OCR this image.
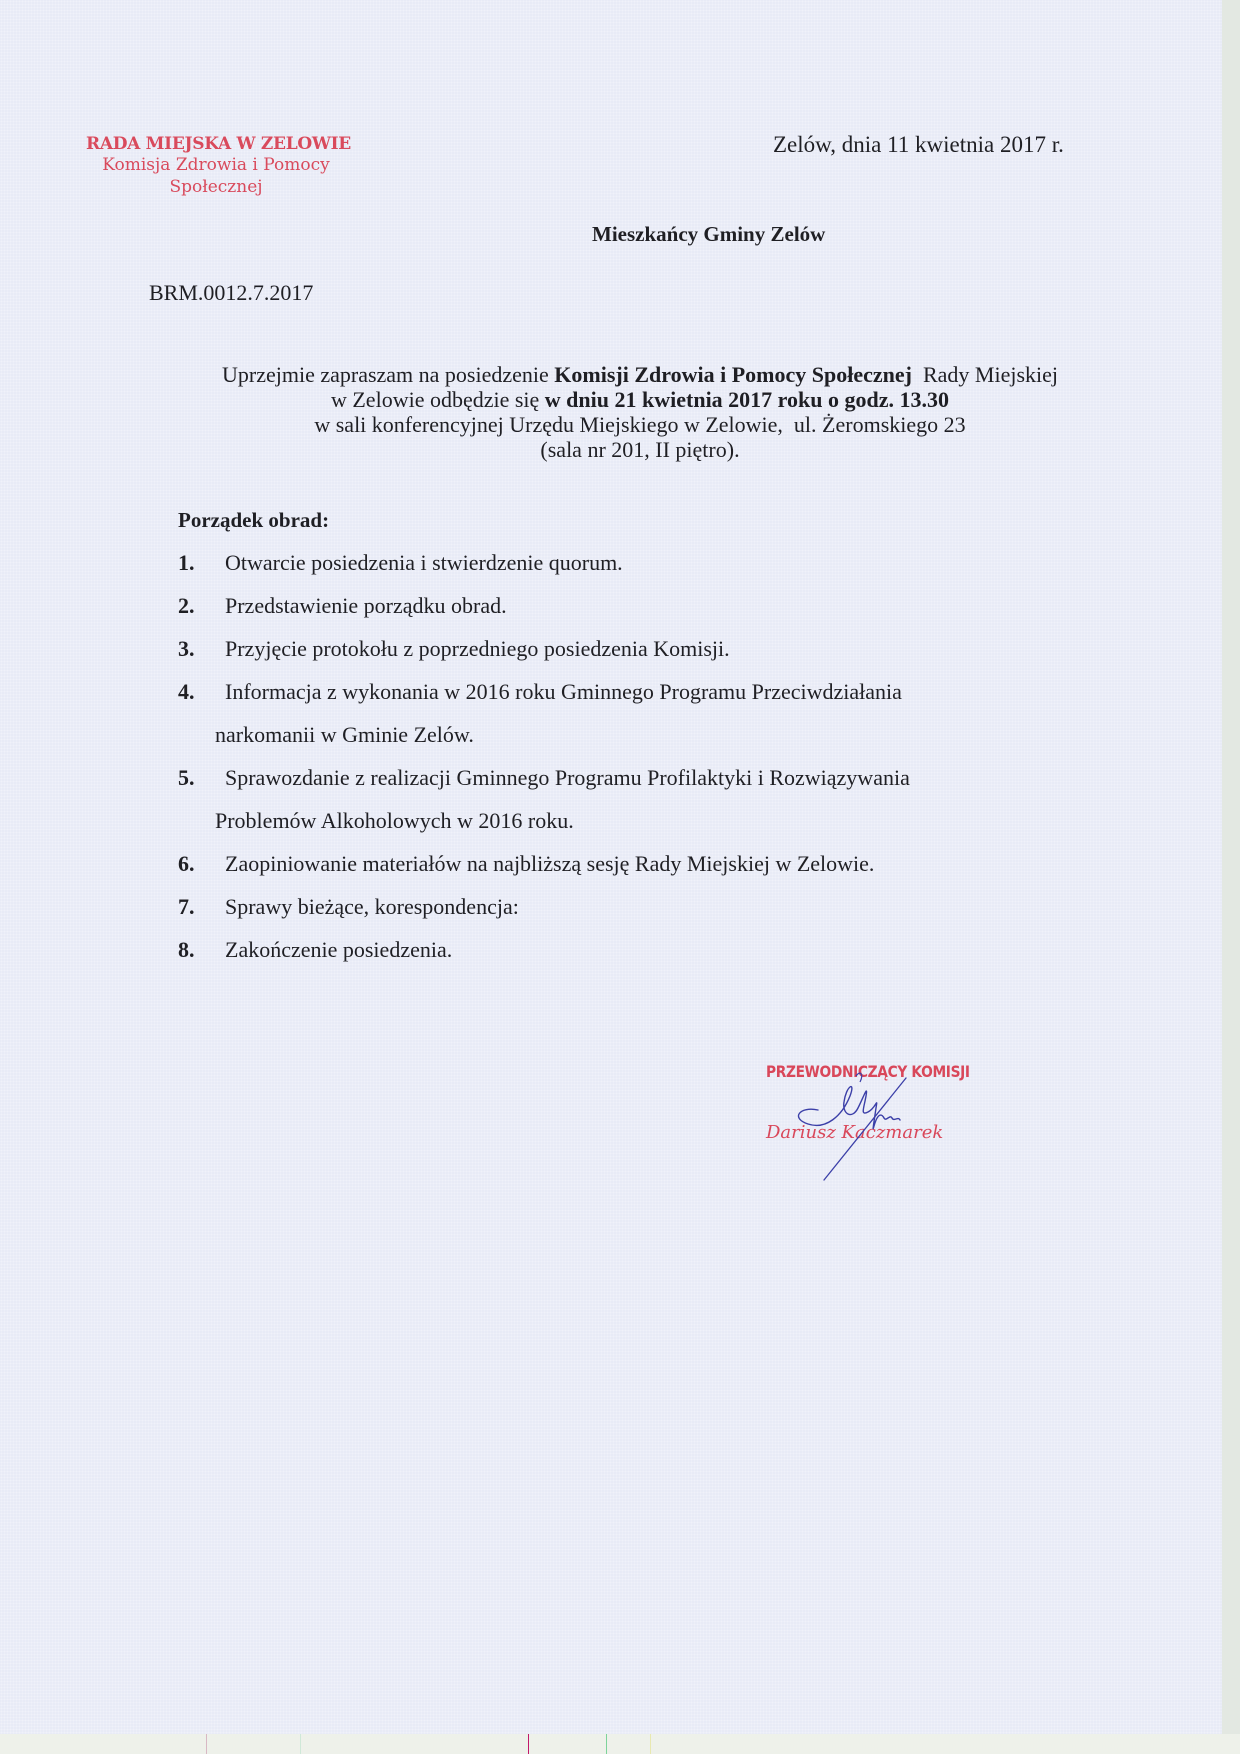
RADA MIEJSKA W ZELOWIE
Komisja Zdrowia i Pomocy
Społecznej
Zelów, dnia 11 kwietnia 2017 r.
Mieszkańcy Gminy Zelów
BRM.0012.7.2017
Uprzejmie zapraszam na posiedzenie Komisji Zdrowia i Pomocy Społecznej  Rady Miejskiej  w Zelowie odbędzie się w dniu 21 kwietnia 2017 roku o godz. 13.30
w sali konferencyjnej Urzędu Miejskiego w Zelowie,  ul. Żeromskiego 23
(sala nr 201, II piętro).
Porządek obrad:
1. Otwarcie posiedzenia i stwierdzenie quorum.
2. Przedstawienie porządku obrad.
3. Przyjęcie protokołu z poprzedniego posiedzenia Komisji.
4. Informacja z wykonania w 2016 roku Gminnego Programu Przeciwdziałania
narkomanii w Gminie Zelów.
5. Sprawozdanie z realizacji Gminnego Programu Profilaktyki i Rozwiązywania
Problemów Alkoholowych w 2016 roku.
6. Zaopiniowanie materiałów na najbliższą sesję Rady Miejskiej w Zelowie.
7. Sprawy bieżące, korespondencja:
8. Zakończenie posiedzenia.
PRZEWODNICZĄCY KOMISJI
Dariusz Kaczmarek
